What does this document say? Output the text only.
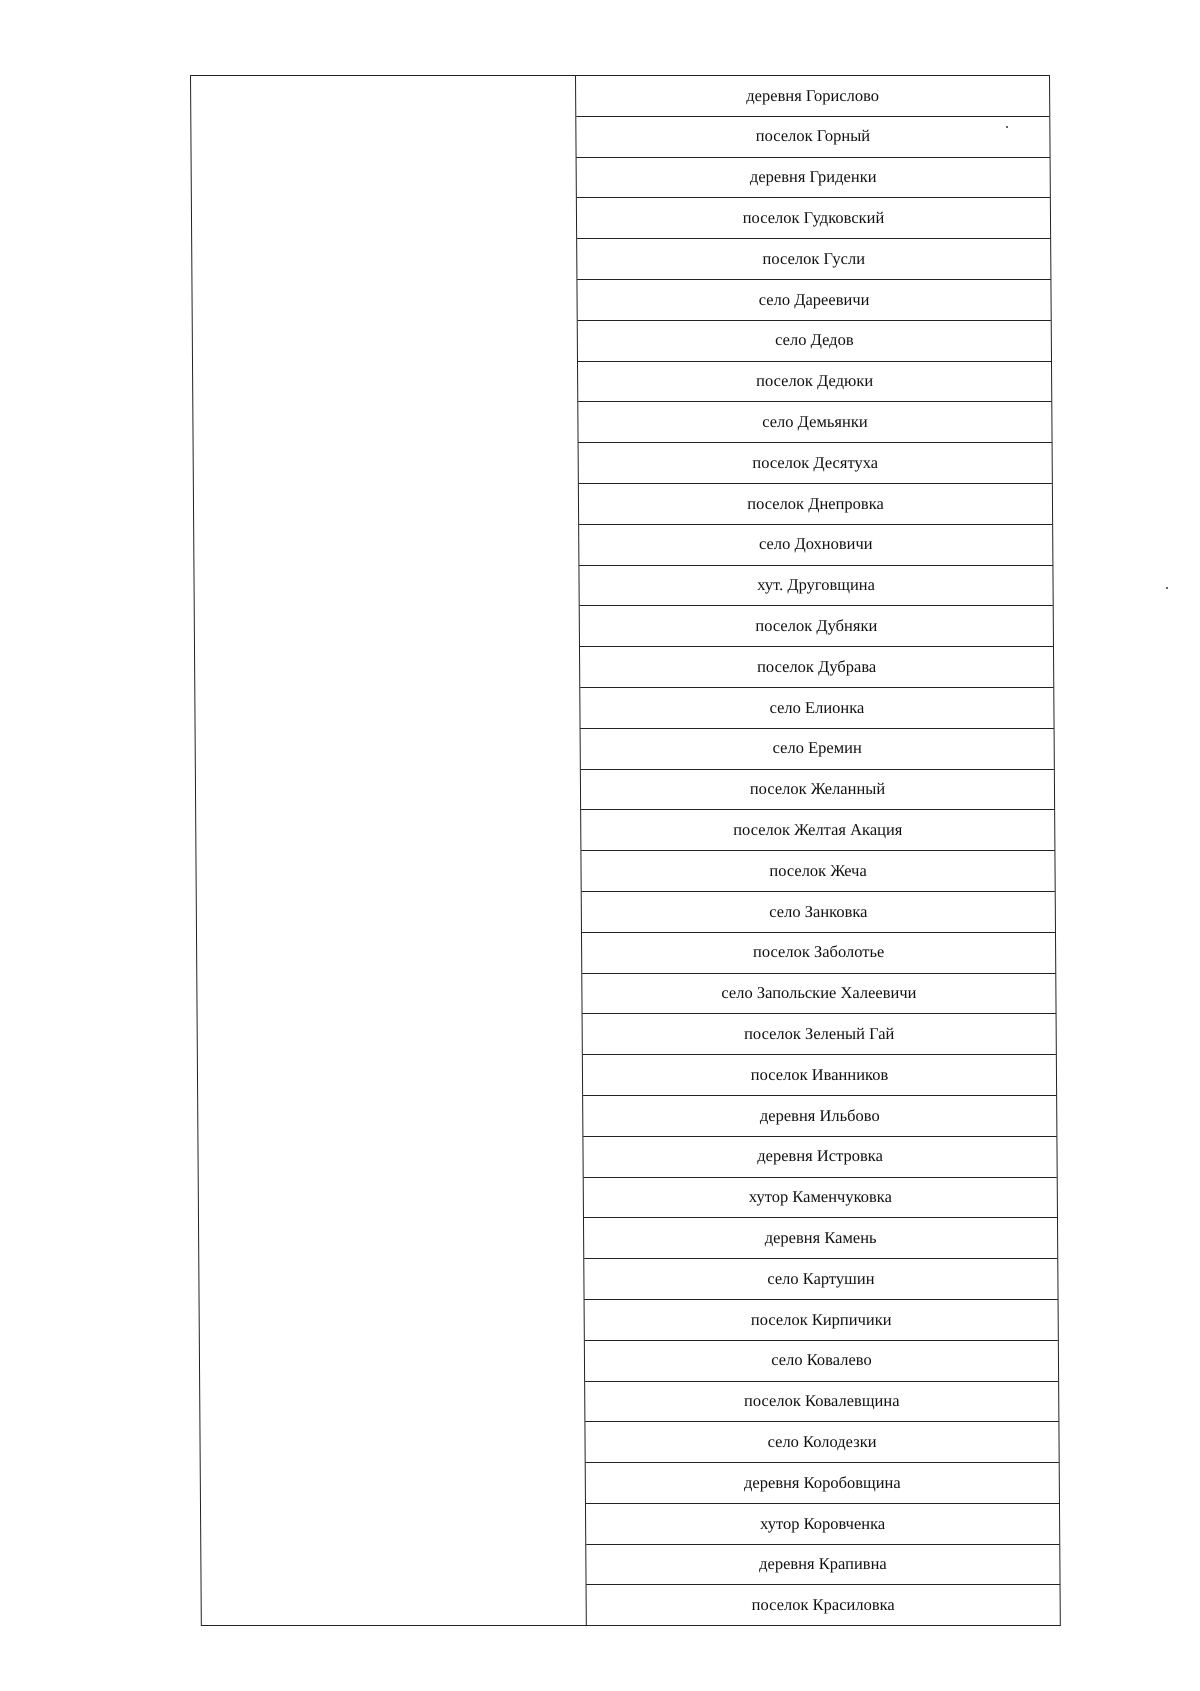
деревня Горислово
поселок Горный
деревня Гриденки
поселок Гудковский
поселок Гусли
село Дареевичи
село Дедов
поселок Дедюки
село Демьянки
поселок Десятуха
поселок Днепровка
село Дохновичи
хут. Друговщина
поселок Дубняки
поселок Дубрава
село Елионка
село Еремин
поселок Желанный
поселок Желтая Акация
поселок Жеча
село Занковка
поселок Заболотье
село Запольские Халеевичи
поселок Зеленый Гай
поселок Иванников
деревня Ильбово
деревня Истровка
хутор Каменчуковка
деревня Камень
село Картушин
поселок Кирпичики
село Ковалево
поселок Ковалевщина
село Колодезки
деревня Коробовщина
хутор Коровченка
деревня Крапивна
поселок Красиловка
